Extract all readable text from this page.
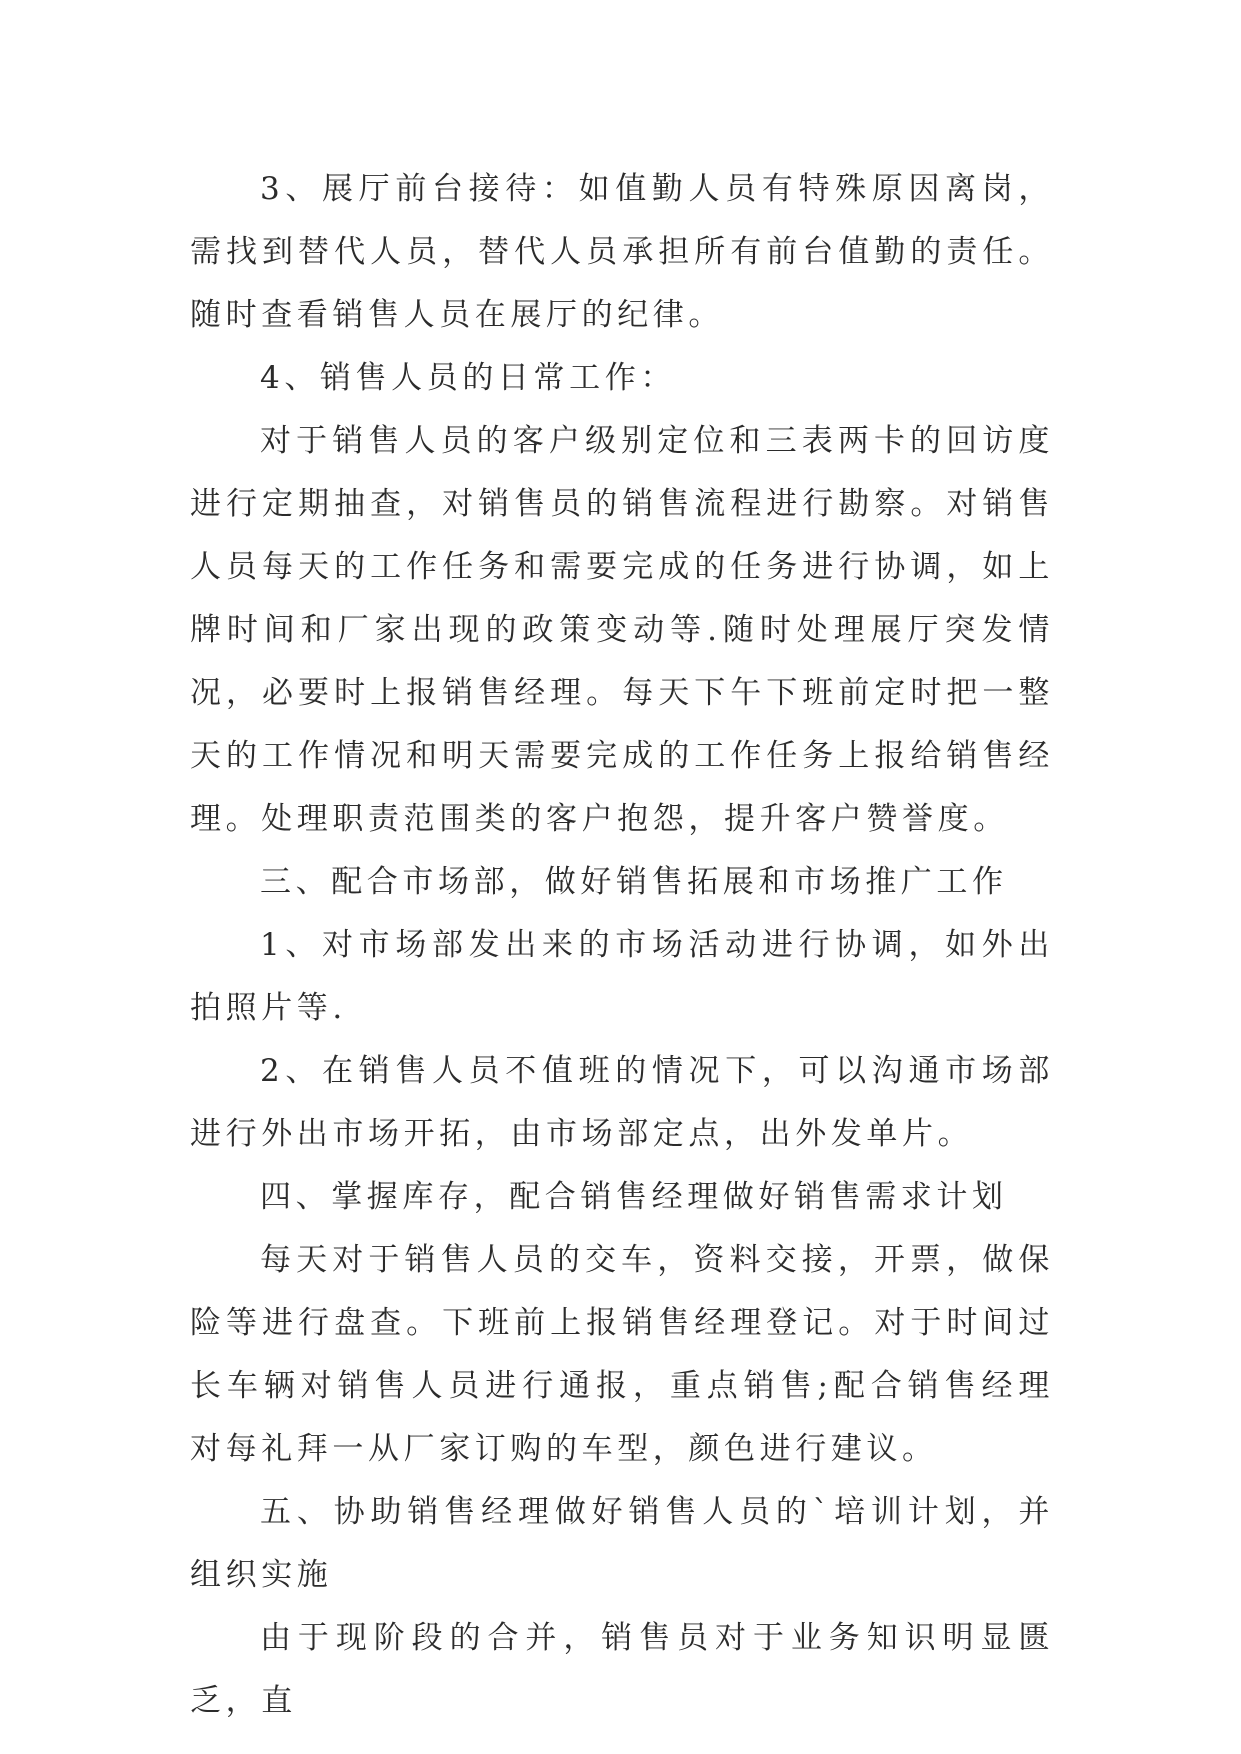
3、展厅前台接待：如值勤人员有特殊原因离岗，需找到替代人员，替代人员承担所有前台值勤的责任。随时查看销售人员在展厅的纪律。

4、销售人员的日常工作：

对于销售人员的客户级别定位和三表两卡的回访度进行定期抽查，对销售员的销售流程进行勘察。对销售人员每天的工作任务和需要完成的任务进行协调，如上牌时间和厂家出现的政策变动等.随时处理展厅突发情况，必要时上报销售经理。每天下午下班前定时把一整天的工作情况和明天需要完成的工作任务上报给销售经理。处理职责范围类的客户抱怨，提升客户赞誉度。

三、配合市场部，做好销售拓展和市场推广工作

1、对市场部发出来的市场活动进行协调，如外出拍照片等.

2、在销售人员不值班的情况下，可以沟通市场部进行外出市场开拓，由市场部定点，出外发单片。

四、掌握库存，配合销售经理做好销售需求计划

每天对于销售人员的交车，资料交接，开票，做保险等进行盘查。下班前上报销售经理登记。对于时间过长车辆对销售人员进行通报，重点销售;配合销售经理对每礼拜一从厂家订购的车型，颜色进行建议。

五、协助销售经理做好销售人员的`培训计划，并组织实施

由于现阶段的合并，销售员对于业务知识明显匮乏，直
